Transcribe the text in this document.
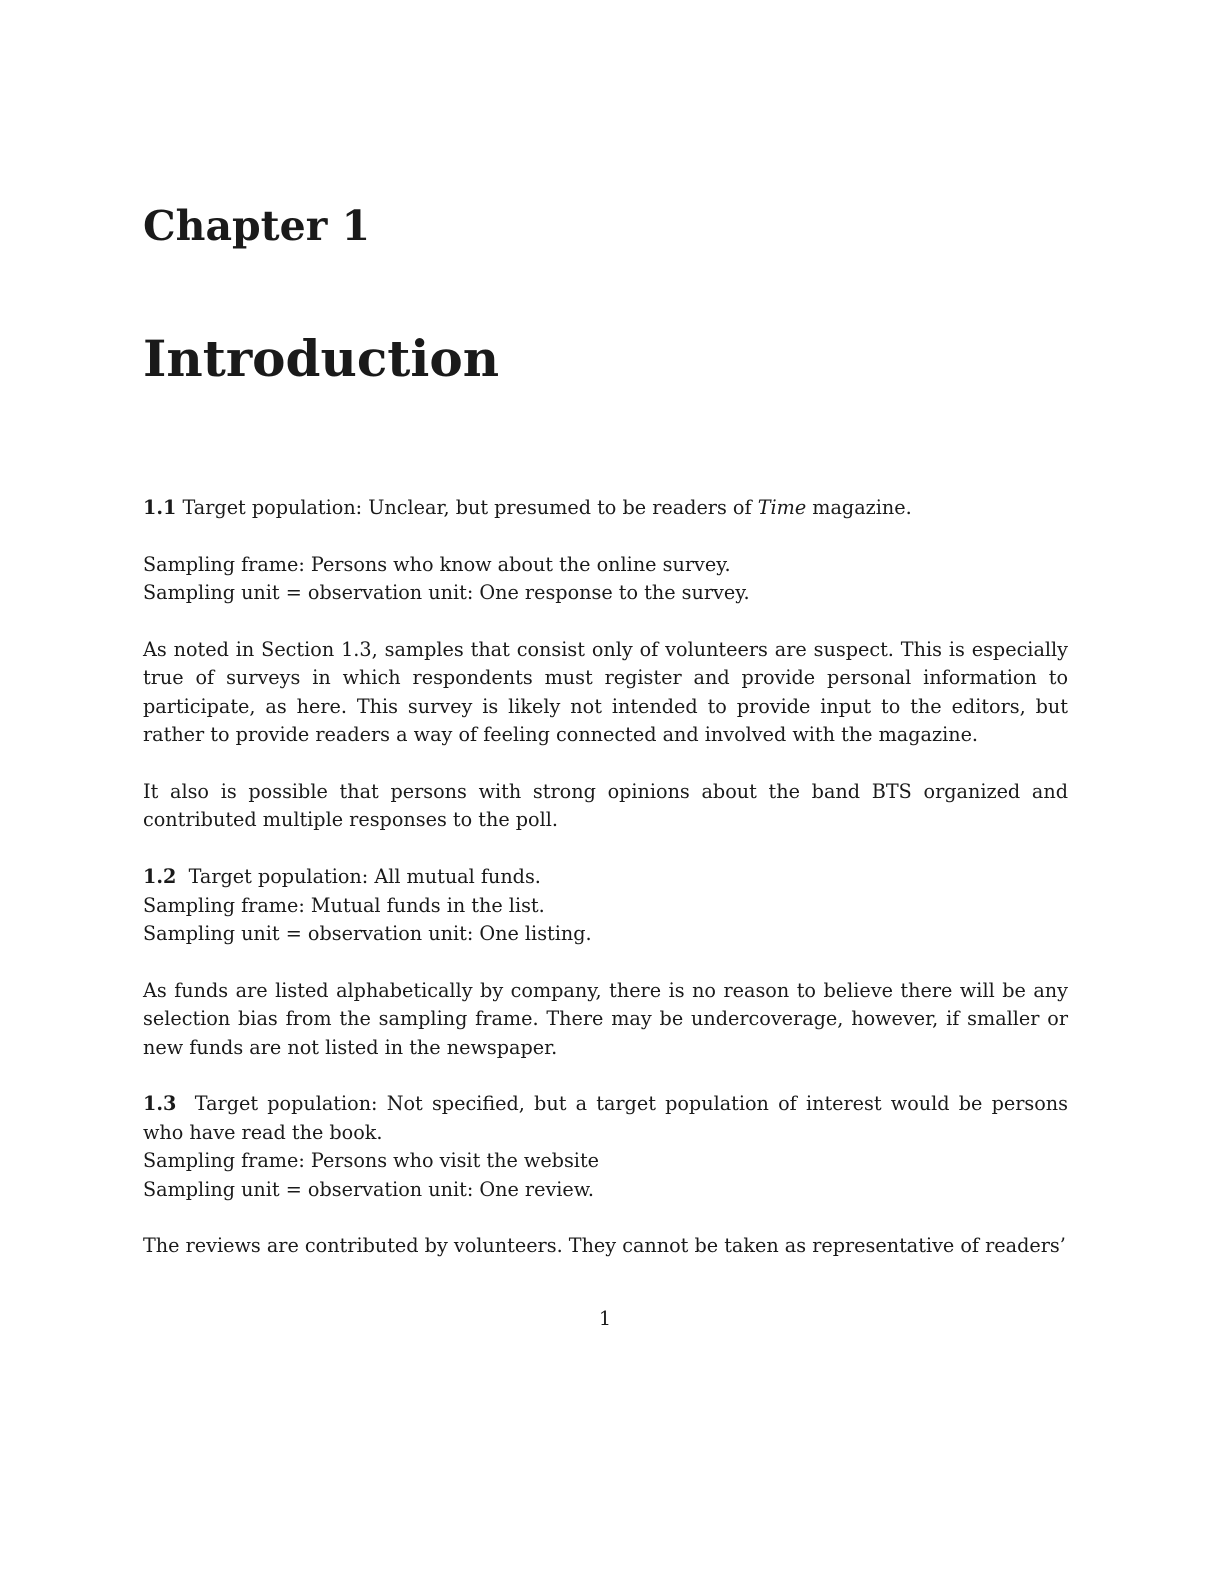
Chapter 1
Introduction

1.1 Target population: Unclear, but presumed to be readers of Time magazine.

Sampling frame: Persons who know about the online survey.
Sampling unit = observation unit: One response to the survey.

As noted in Section 1.3, samples that consist only of volunteers are suspect. This is especially true of surveys in which respondents must register and provide personal information to participate, as here. This survey is likely not intended to provide input to the editors, but rather to provide readers a way of feeling connected and involved with the magazine.

It also is possible that persons with strong opinions about the band BTS organized and contributed multiple responses to the poll.

1.2 Target population: All mutual funds.
Sampling frame: Mutual funds in the list.
Sampling unit = observation unit: One listing.

As funds are listed alphabetically by company, there is no reason to believe there will be any selection bias from the sampling frame. There may be undercoverage, however, if smaller or new funds are not listed in the newspaper.

1.3 Target population: Not specified, but a target population of interest would be persons who have read the book.
Sampling frame: Persons who visit the website
Sampling unit = observation unit: One review.

The reviews are contributed by volunteers. They cannot be taken as representative of readers’

1
